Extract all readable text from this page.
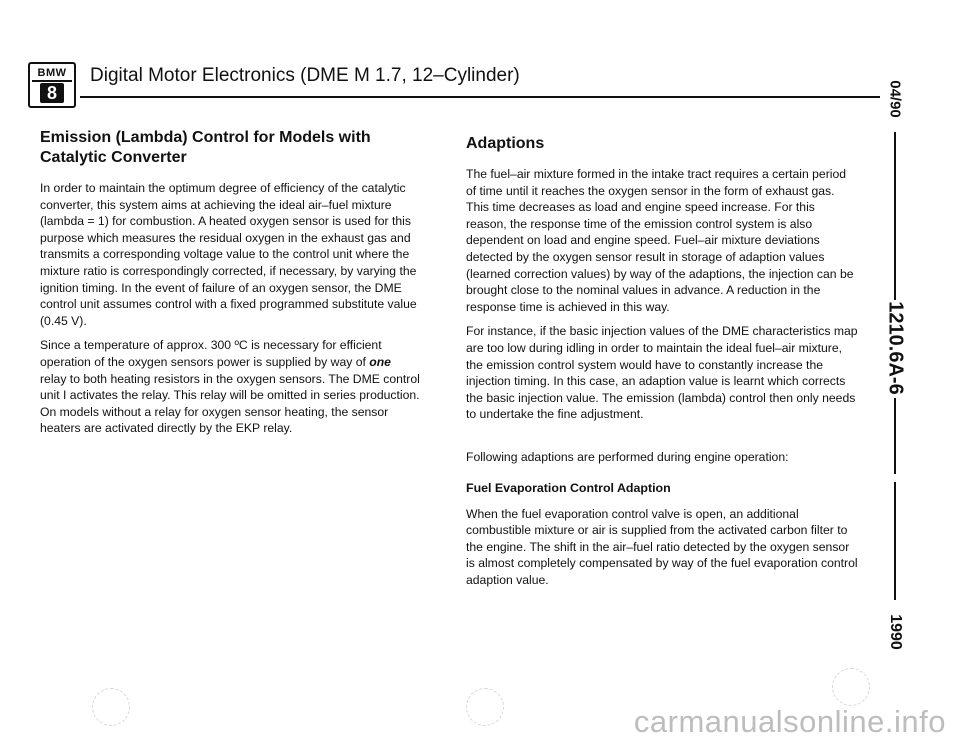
BMW
8
Digital Motor Electronics (DME M 1.7, 12–Cylinder)
Emission (Lambda) Control for Models with Catalytic Converter

In order to maintain the optimum degree of efficiency of the catalytic converter, this system aims at achieving the ideal air–fuel mixture (lambda = 1) for combustion. A heated oxygen sensor is used for this purpose which measures the residual oxygen in the exhaust gas and transmits a corresponding voltage value to the control unit where the mixture ratio is correspondingly corrected, if necessary, by varying the ignition timing. In the event of failure of an oxygen sensor, the DME control unit assumes control with a fixed programmed substitute value (0.45 V).

Since a temperature of approx. 300 ºC is necessary for efficient operation of the oxygen sensors power is supplied by way of one relay to both heating resistors in the oxygen sensors. The DME control unit I activates the relay. This relay will be omitted in series production. On models without a relay for oxygen sensor heating, the sensor heaters are activated directly by the EKP relay.

Adaptions

The fuel–air mixture formed in the intake tract requires a certain period of time until it reaches the oxygen sensor in the form of exhaust gas. This time decreases as load and engine speed increase. For this reason, the response time of the emission control system is also dependent on load and engine speed. Fuel–air mixture deviations detected by the oxygen sensor result in storage of adaption values (learned correction values) by way of the adaptions, the injection can be brought close to the nominal values in advance. A reduction in the response time is achieved in this way.

For instance, if the basic injection values of the DME characteristics map are too low during idling in order to maintain the ideal fuel–air mixture, the emission control system would have to constantly increase the injection timing. In this case, an adaption value is learnt which corrects the basic injection value. The emission (lambda) control then only needs to undertake the fine adjustment.

Following adaptions are performed during engine operation:

Fuel Evaporation Control Adaption

When the fuel evaporation control valve is open, an additional combustible mixture or air is supplied from the activated carbon filter to the engine. The shift in the air–fuel ratio detected by the oxygen sensor is almost completely compensated by way of the fuel evaporation control adaption value.

04/90
1210.6A-6
1990
carmanualsonline.info
